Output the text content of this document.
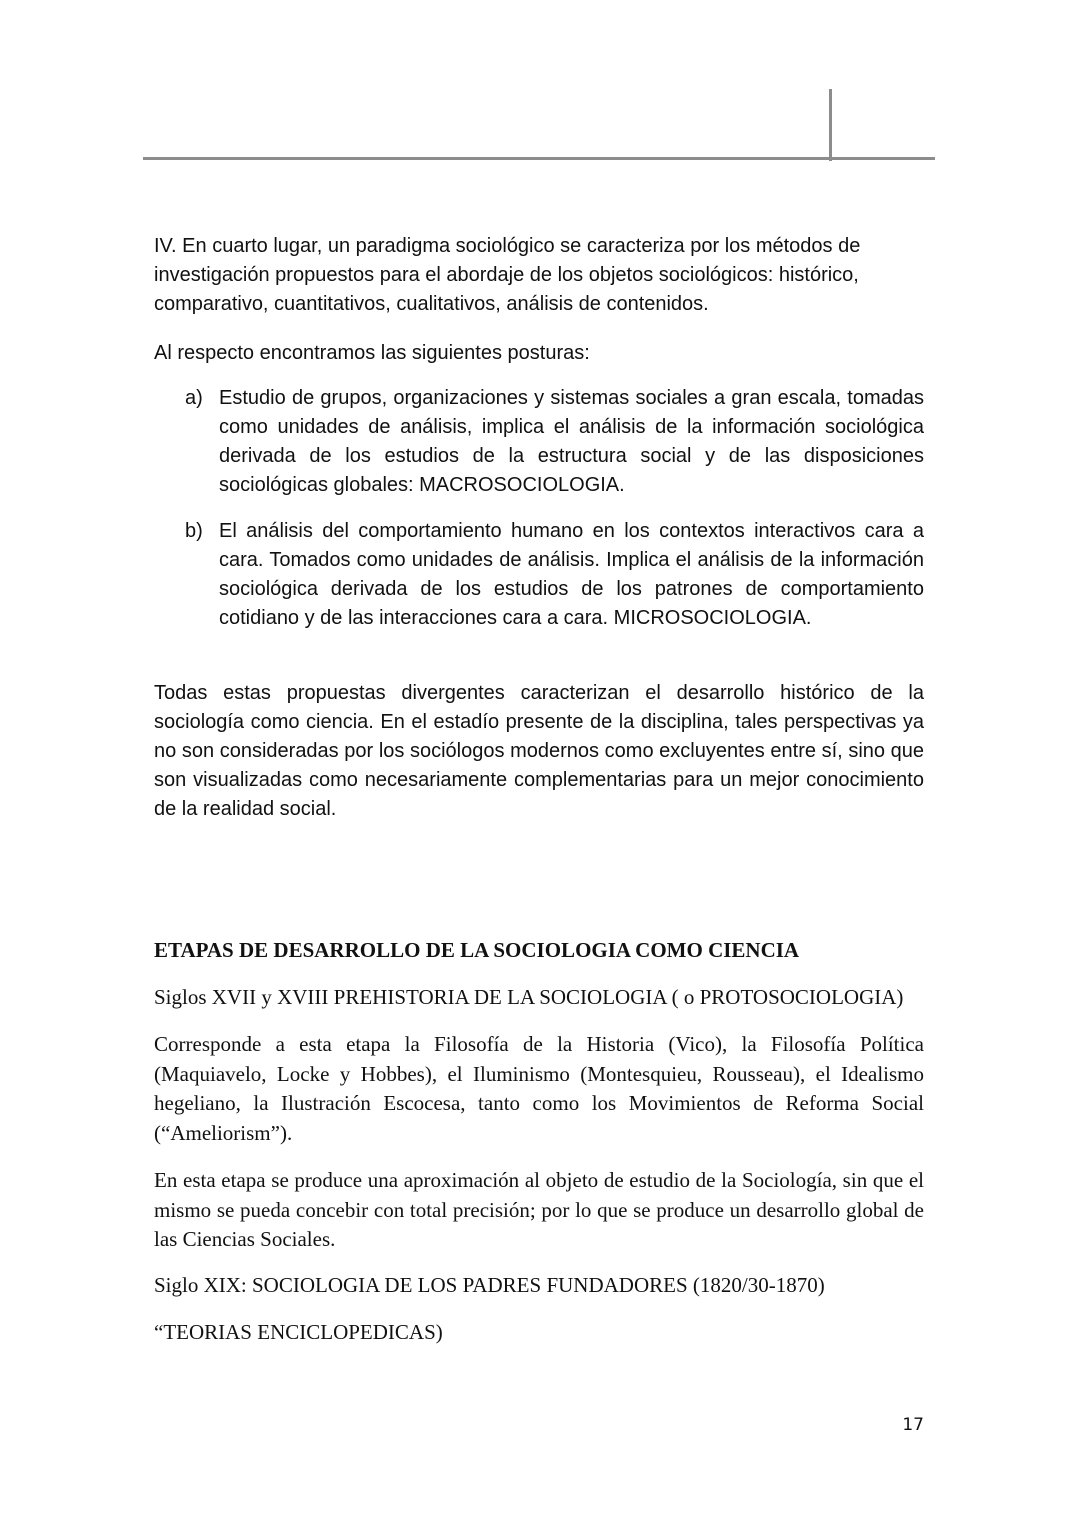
IV. En cuarto lugar, un paradigma sociológico se caracteriza por los métodos de investigación propuestos para el abordaje de los objetos sociológicos: histórico, comparativo, cuantitativos, cualitativos, análisis de contenidos.

Al respecto encontramos las siguientes posturas:

a) Estudio de grupos, organizaciones y sistemas sociales a gran escala, tomadas como unidades de análisis, implica el análisis de la información sociológica derivada de los estudios de la estructura social y de las disposiciones sociológicas globales: MACROSOCIOLOGIA.
b) El análisis del comportamiento humano en los contextos interactivos cara a cara. Tomados como unidades de análisis. Implica el análisis de la información sociológica derivada de los estudios de los patrones de comportamiento cotidiano y de las interacciones cara a cara. MICROSOCIOLOGIA.

Todas estas propuestas divergentes caracterizan el desarrollo histórico de la sociología como ciencia. En el estadío presente de la disciplina, tales perspectivas ya no son consideradas por los sociólogos modernos como excluyentes entre sí, sino que son visualizadas como necesariamente complementarias para un mejor conocimiento de la realidad social.

ETAPAS DE DESARROLLO DE LA SOCIOLOGIA COMO CIENCIA

Siglos XVII y XVIII PREHISTORIA DE LA SOCIOLOGIA ( o PROTOSOCIOLOGIA)

Corresponde a esta etapa la Filosofía de la Historia (Vico), la Filosofía Política (Maquiavelo, Locke y Hobbes), el Iluminismo (Montesquieu, Rousseau), el Idealismo hegeliano, la Ilustración Escocesa, tanto como los Movimientos de Reforma Social (“Ameliorism”).

En esta etapa se produce una aproximación al objeto de estudio de la Sociología, sin que el mismo se pueda concebir con total precisión; por lo que se produce un desarrollo global de las Ciencias Sociales.

Siglo XIX: SOCIOLOGIA DE LOS PADRES FUNDADORES (1820/30-1870)

“TEORIAS ENCICLOPEDICAS)

17
